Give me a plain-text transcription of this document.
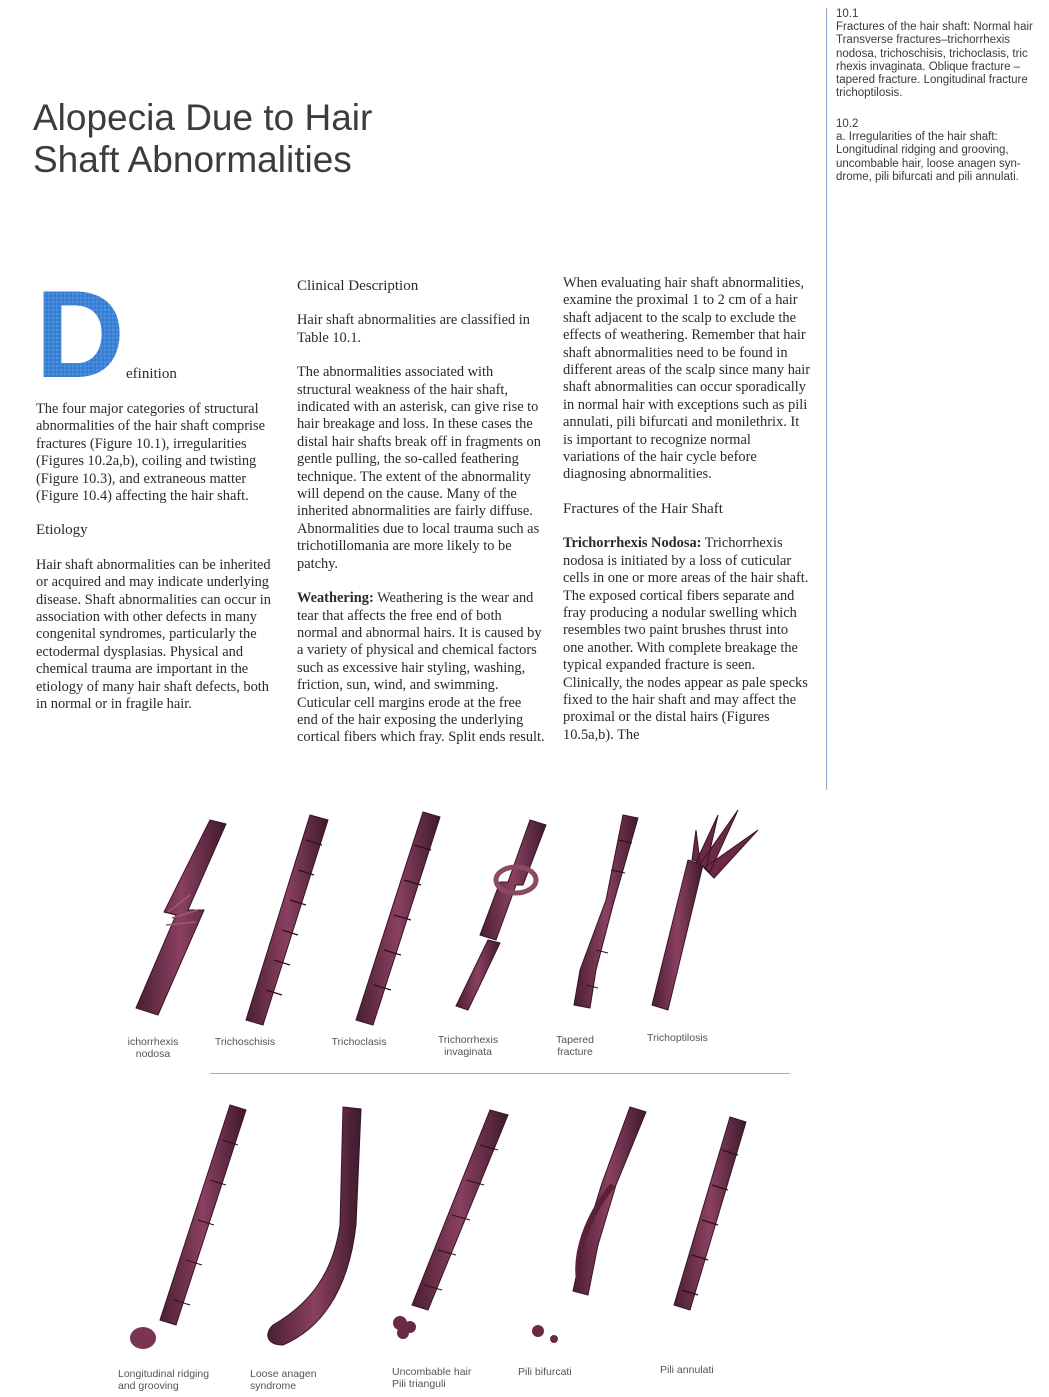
10.1
Fractures of the hair shaft: Normal hair
Transverse fractures–trichorrhexis
nodosa, trichoschisis, trichoclasis, tric
rhexis invaginata. Oblique fracture –
tapered fracture. Longitudinal fracture
trichoptilosis.
10.2
a. Irregularities of the hair shaft:
Longitudinal ridging and grooving,
uncombable hair, loose anagen syn-
drome, pili bifurcati and pili annulati.
Alopecia Due to Hair
Shaft Abnormalities
D efinition

The four major categories of structural abnormalities of the hair shaft comprise fractures (Figure 10.1), irregularities (Figures 10.2a,b), coiling and twisting (Figure 10.3), and extraneous matter (Figure 10.4) affecting the hair shaft.

Etiology

Hair shaft abnormalities can be inherited or acquired and may indicate underlying disease. Shaft abnormalities can occur in association with other defects in many congenital syndromes, particularly the ectodermal dysplasias. Physical and chemical trauma are important in the etiology of many hair shaft defects, both in normal or in fragile hair.

Clinical Description

Hair shaft abnormalities are classified in Table 10.1.

The abnormalities associated with structural weakness of the hair shaft, indicated with an asterisk, can give rise to hair breakage and loss. In these cases the distal hair shafts break off in fragments on gentle pulling, the so-called feathering technique. The extent of the abnormality will depend on the cause. Many of the inherited abnormalities are fairly diffuse. Abnormalities due to local trauma such as trichotillomania are more likely to be patchy.

Weathering: Weathering is the wear and tear that affects the free end of both normal and abnormal hairs. It is caused by a variety of physical and chemical factors such as excessive hair styling, washing, friction, sun, wind, and swimming. Cuticular cell margins erode at the free end of the hair exposing the underlying cortical fibers which fray. Split ends result.

When evaluating hair shaft abnormalities, examine the proximal 1 to 2 cm of a hair shaft adjacent to the scalp to exclude the effects of weathering. Remember that hair shaft abnormalities need to be found in different areas of the scalp since many hair shaft abnormalities can occur sporadically in normal hair with exceptions such as pili annulati, pili bifurcati and monilethrix. It is important to recognize normal variations of the hair cycle before diagnosing abnormalities.

Fractures of the Hair Shaft

Trichorrhexis Nodosa: Trichorrhexis nodosa is initiated by a loss of cuticular cells in one or more areas of the hair shaft. The exposed cortical fibers separate and fray producing a nodular swelling which resembles two paint brushes thrust into one another. With complete breakage the typical expanded fracture is seen. Clinically, the nodes appear as pale specks fixed to the hair shaft and may affect the proximal or the distal hairs (Figures 10.5a,b). The

ichorrhexis
nodosa
Trichoschisis	Trichoclasis	Trichorrhexis
invaginata
Tapered
fracture
Trichoptilosis
Longitudinal ridging
and grooving
Loose anagen
syndrome
Uncombable hair
Pili trianguli
Pili bifurcati	Pili annulati
